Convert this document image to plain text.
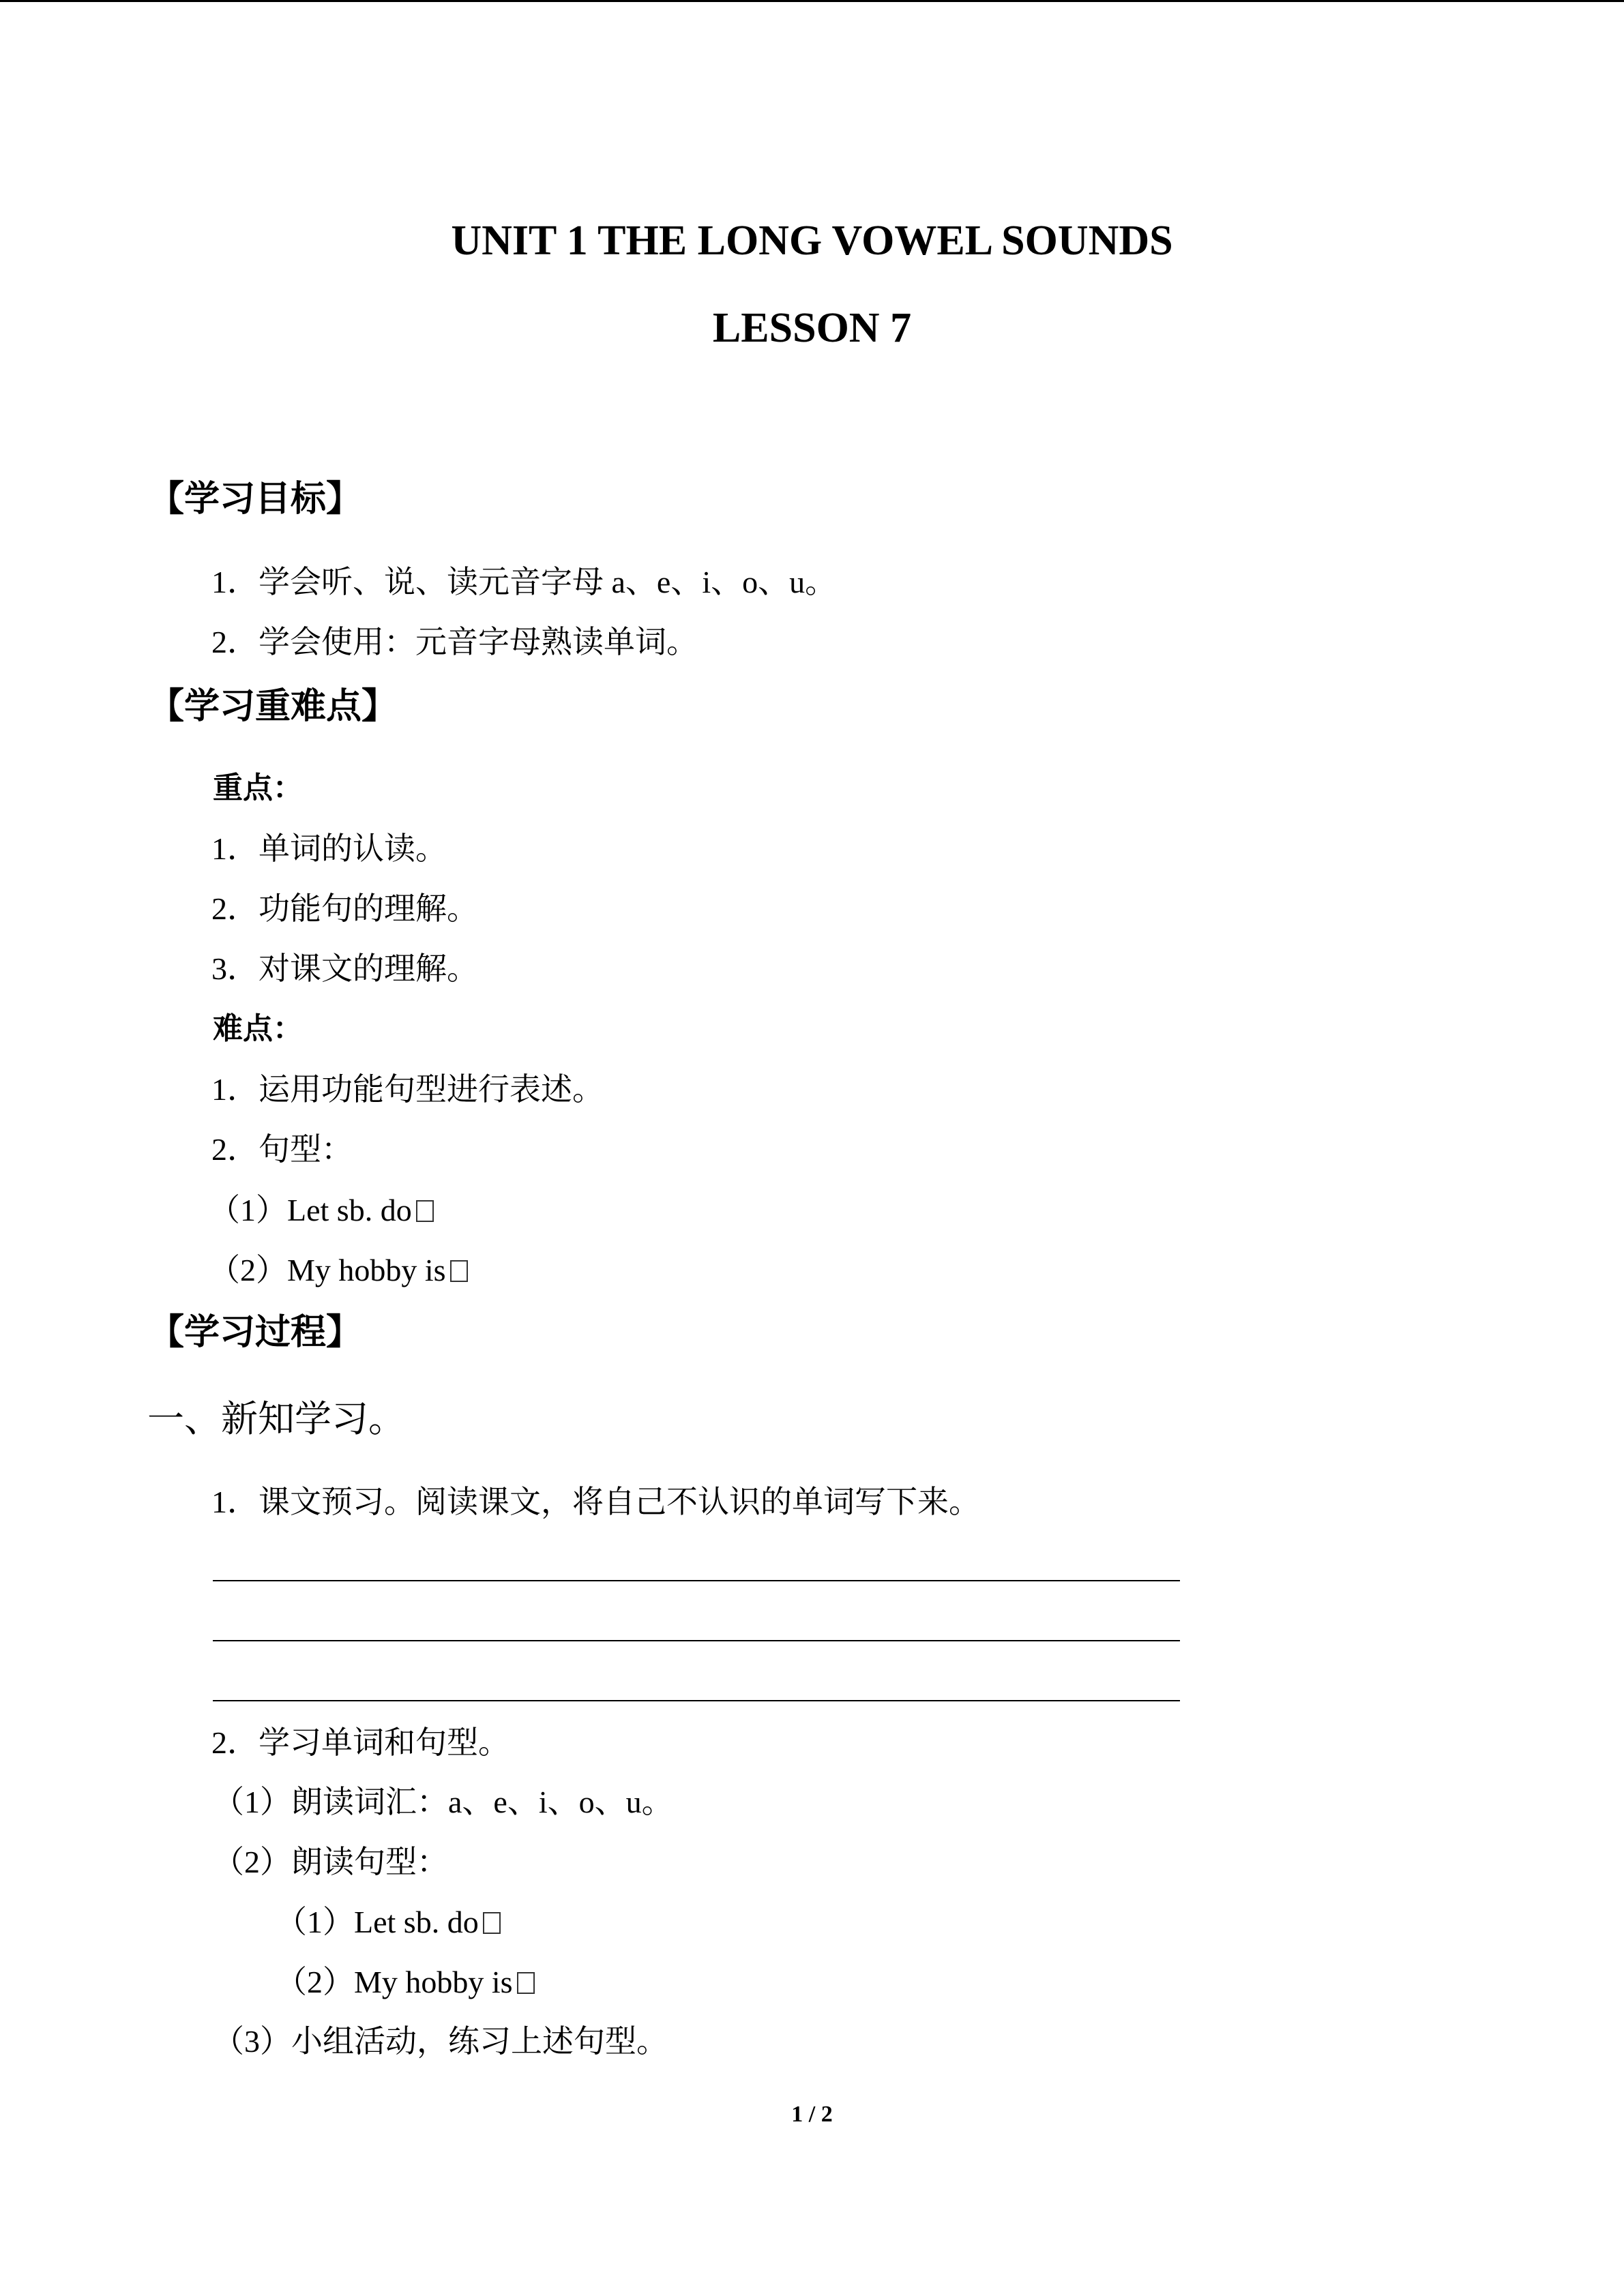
UNIT 1 THE LONG VOWEL SOUNDS
LESSON 7
【学习目标】
1．学会听、说、读元音字母 a、e、i、o、u。
2．学会使用：元音字母熟读单词。
【学习重难点】
重点：
1．单词的认读。
2．功能句的理解。
3．对课文的理解。
难点：
1．运用功能句型进行表述。
2．句型：
（1）Let sb. do
（2）My hobby is
【学习过程】
一、新知学习。
1．课文预习。阅读课文，将自己不认识的单词写下来。
2．学习单词和句型。
（1）朗读词汇：a、e、i、o、u。
（2）朗读句型：
（1）Let sb. do
（2）My hobby is
（3）小组活动，练习上述句型。
1 / 2
